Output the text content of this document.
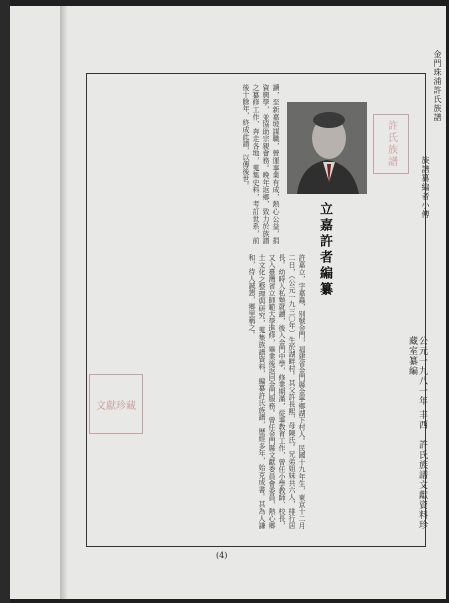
金門珠浦許氏族譜
族譜纂編者小傳
公元一九八一年 丰西　許氏族譜文獻資料珍藏室纂編
許氏族譜
立嘉許者編纂
許嘉立，字嘉蟲，別號金門，福建省金門縣金寧鄉湖下村人。民國十九年生，東京十二月二日，（公元一九三〇年）生於湖畔村。其父許長熙，母陳氏。兄弟姐妹共六人，排行居長。幼時入私塾就讀，後入金門中學，修業期滿，從事教育工作，曾任小學教師、校長，又入臺灣省立師範大學進修，畢業後返回金門服務。曾任金門縣文獻委員會委員，熱心鄉土文化之整理與研究，蒐集族譜資料，編纂許氏族譜，歷經多年，始克成書。其為人謙和，待人誠懇，鄉里稱之。
讀，至新嘉坡謀職，營運事業有成，熱心公益，捐資興學，並協助宗親會務。晚年返鄉，致力於族譜之纂修工作，奔走各地，蒐集史料，考訂世系，前後十餘年，終成此譜，以傳後世。
文獻珍藏
(4)
